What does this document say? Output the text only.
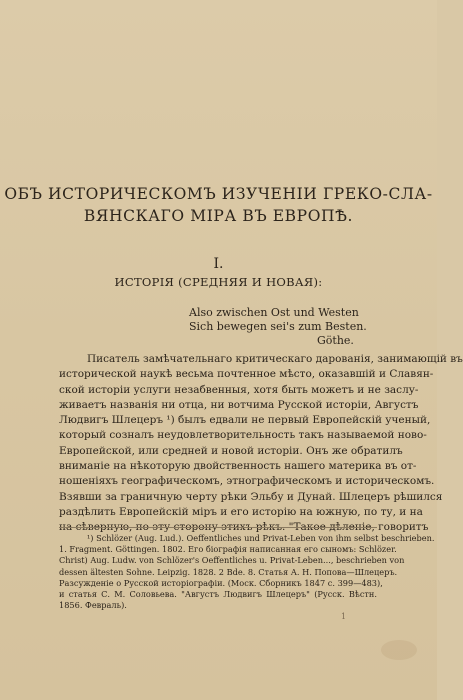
ОБЪ ИСТОРИЧЕСКОМЪ ИЗУЧЕНIИ ГРЕКО-СЛА-
ВЯНСКАГО МIРА ВЪ ЕВРОПѢ.
I.
ИСТОРIЯ (СРЕДНЯЯ И НОВАЯ):
Also zwischen Ost und Westen
Sich bewegen sei's zum Besten.
Göthe.
Писатель замѣчательнаго критическаго дарованiя, занимающiй въ
исторической наукѣ весьма почтенное мѣсто, оказавшiй и Славян-
ской исторiи услуги незабвенныя, хотя быть можетъ и не заслу-
живаетъ названiя ни отца, ни вотчима Русской исторiи, Августъ
Людвигъ Шлецеръ ¹) былъ едвали не первый Европейскiй ученый,
который созналъ неудовлетворительность такъ называемой ново-
Европейской, или средней и новой исторiи. Онъ же обратилъ
вниманiе на нѣкоторую двойственность нашего материка въ от-
ношенiяхъ географическомъ, этнографическомъ и историческомъ.
Взявши за граничную черту рѣки Эльбу и Дунай. Шлецеръ рѣшился
раздѣлить Европейскiй мiръ и его исторiю на южную, по ту, и на
на сѣверную, по эту сторону этихъ рѣкъ. "Такое дѣленiе, говоритъ
¹) Schlözer (Aug. Lud.). Oeffentliches und Privat-Leben von ihm selbst beschrieben.
1. Fragment. Göttingen. 1802. Его бiографiя написанная его сыномъ: Schlözer.
Christ) Aug. Ludw. von Schlözer's Oeffentliches u. Privat-Leben..., beschrieben von
dessen ältesten Sohne. Leipzig. 1828. 2 Bde. 8. Статья А. Н. Попова—Шлецеръ.
Разсужденiе о Русской исторiографiи. (Моск. Сборникъ 1847 с. 399—483),
и статья С. М. Соловьева. "Августъ Людвигъ Шлецеръ" (Русск. Вѣстн.
1856. Февраль).
1
